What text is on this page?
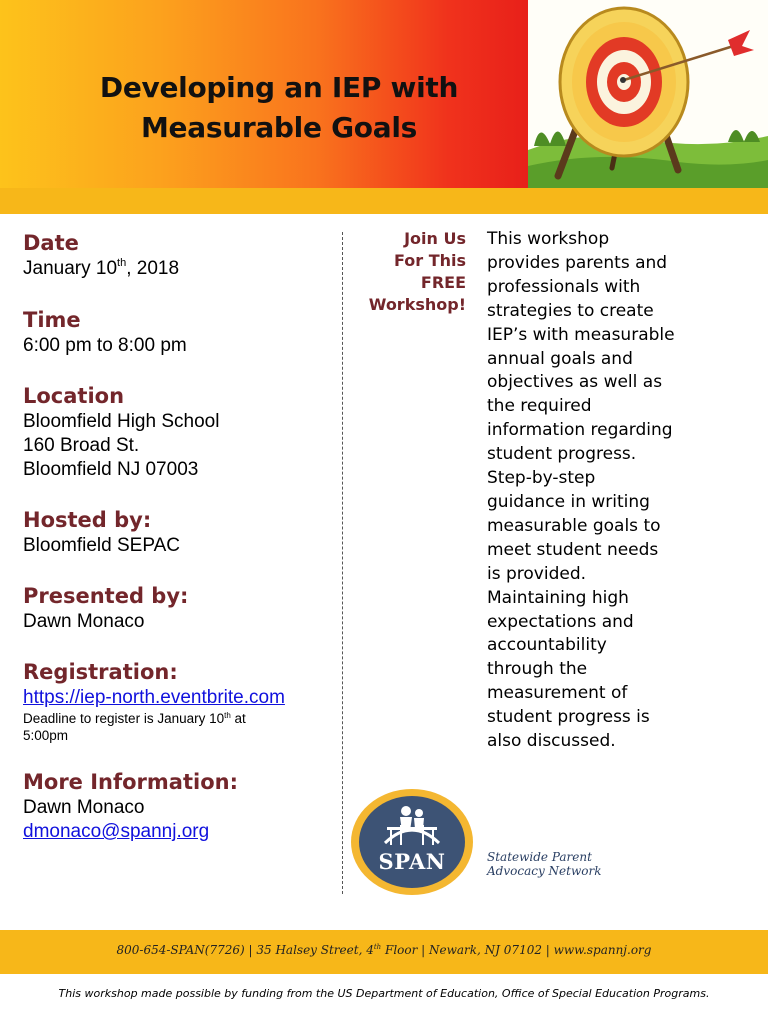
Developing an IEP with
Measurable Goals
Date
January 10th, 2018
Time
6:00 pm to 8:00 pm
Location
Bloomfield High School
160 Broad St.
Bloomfield NJ 07003
Hosted by:
Bloomfield SEPAC
Presented by:
Dawn Monaco
Registration:
https://iep-north.eventbrite.com
Deadline to register is January 10th at
5:00pm
More Information:
Dawn Monaco
dmonaco@spannj.org
Join Us
For This
FREE
Workshop!
This workshop
provides parents and
professionals with
strategies to create
IEP’s with measurable
annual goals and
objectives as well as
the required
information regarding
student progress.
Step-by-step
guidance in writing
measurable goals to
meet student needs
is provided.
Maintaining high
expectations and
accountability
through the
measurement of
student progress is
also discussed.
SPAN	Statewide Parent
Advocacy Network
800-654-SPAN(7726) | 35 Halsey Street, 4th Floor | Newark, NJ 07102 | www.spannj.org
This workshop made possible by funding from the US Department of Education, Office of Special Education Programs.
